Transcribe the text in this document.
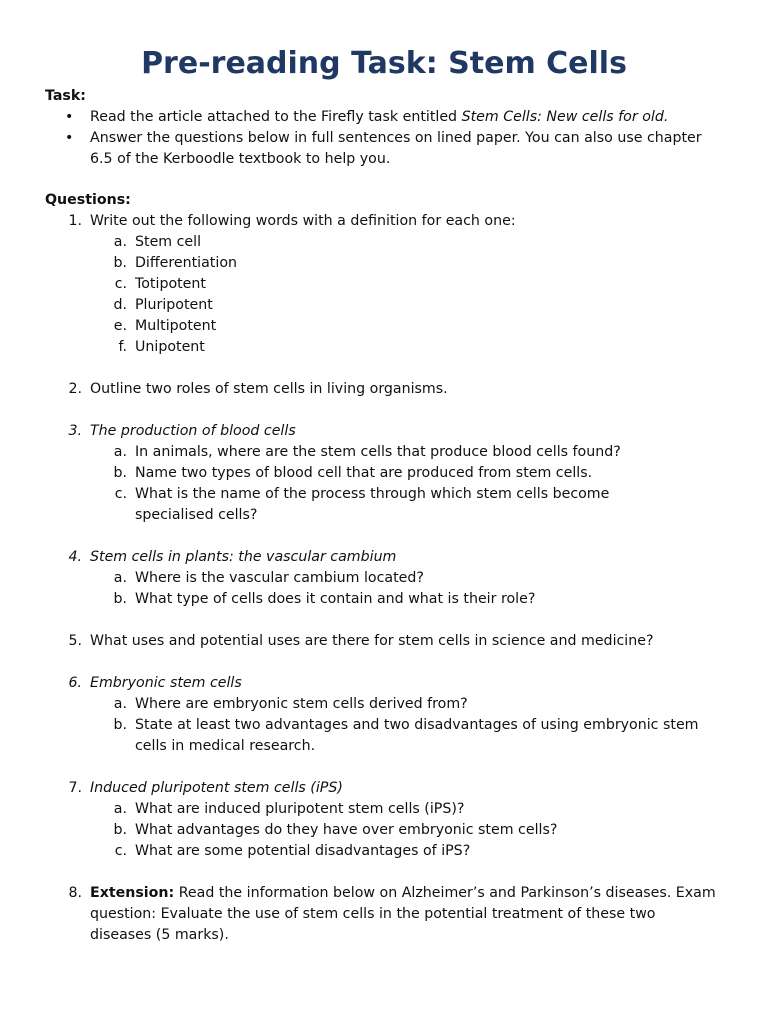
Pre-reading Task: Stem Cells
Task:
• Read the article attached to the Firefly task entitled Stem Cells: New cells for old.
• Answer the questions below in full sentences on lined paper. You can also use chapter 6.5 of the Kerboodle textbook to help you.
Questions:
1. Write out the following words with a definition for each one:
a. Stem cell
b. Differentiation
c. Totipotent
d. Pluripotent
e. Multipotent
f. Unipotent
2. Outline two roles of stem cells in living organisms.
3. The production of blood cells
a. In animals, where are the stem cells that produce blood cells found?
b. Name two types of blood cell that are produced from stem cells.
c. What is the name of the process through which stem cells become specialised cells?
4. Stem cells in plants: the vascular cambium
a. Where is the vascular cambium located?
b. What type of cells does it contain and what is their role?
5. What uses and potential uses are there for stem cells in science and medicine?
6. Embryonic stem cells
a. Where are embryonic stem cells derived from?
b. State at least two advantages and two disadvantages of using embryonic stem cells in medical research.
7. Induced pluripotent stem cells (iPS)
a. What are induced pluripotent stem cells (iPS)?
b. What advantages do they have over embryonic stem cells?
c. What are some potential disadvantages of iPS?
8. Extension: Read the information below on Alzheimer’s and Parkinson’s diseases. Exam question: Evaluate the use of stem cells in the potential treatment of these two diseases (5 marks).
